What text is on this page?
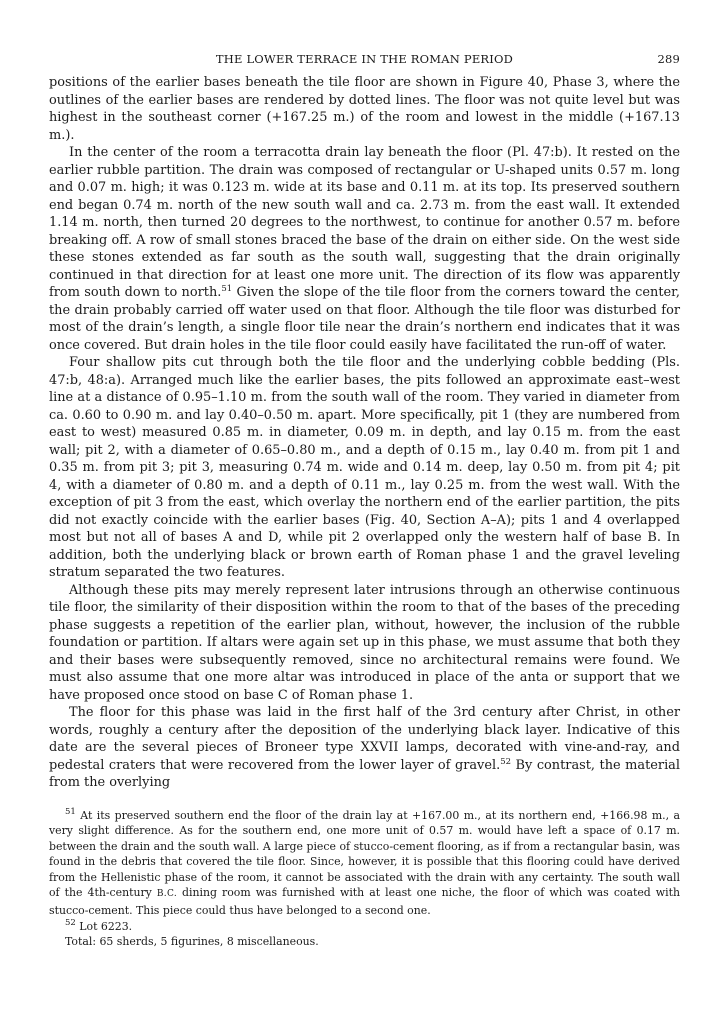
THE LOWER TERRACE IN THE ROMAN PERIOD	289

positions of the earlier bases beneath the tile floor are shown in Figure 40, Phase 3, where the outlines of the earlier bases are rendered by dotted lines. The floor was not quite level but was highest in the southeast corner (+167.25 m.) of the room and lowest in the middle (+167.13 m.).

In the center of the room a terracotta drain lay beneath the floor (Pl. 47:b). It rested on the earlier rubble partition. The drain was composed of rectangular or U-shaped units 0.57 m. long and 0.07 m. high; it was 0.123 m. wide at its base and 0.11 m. at its top. Its preserved southern end began 0.74 m. north of the new south wall and ca. 2.73 m. from the east wall. It extended 1.14 m. north, then turned 20 degrees to the northwest, to continue for another 0.57 m. before breaking off. A row of small stones braced the base of the drain on either side. On the west side these stones extended as far south as the south wall, suggesting that the drain originally continued in that direction for at least one more unit. The direction of its flow was apparently from south down to north.$^{51}$ Given the slope of the tile floor from the corners toward the center, the drain probably carried off water used on that floor. Although the tile floor was disturbed for most of the drain’s length, a single floor tile near the drain’s northern end indicates that it was once covered. But drain holes in the tile floor could easily have facilitated the run-off of water.

Four shallow pits cut through both the tile floor and the underlying cobble bedding (Pls. 47:b, 48:a). Arranged much like the earlier bases, the pits followed an approximate east–west line at a distance of 0.95–1.10 m. from the south wall of the room. They varied in diameter from ca. 0.60 to 0.90 m. and lay 0.40–0.50 m. apart. More specifically, pit 1 (they are numbered from east to west) measured 0.85 m. in diameter, 0.09 m. in depth, and lay 0.15 m. from the east wall; pit 2, with a diameter of 0.65–0.80 m., and a depth of 0.15 m., lay 0.40 m. from pit 1 and 0.35 m. from pit 3; pit 3, measuring 0.74 m. wide and 0.14 m. deep, lay 0.50 m. from pit 4; pit 4, with a diameter of 0.80 m. and a depth of 0.11 m., lay 0.25 m. from the west wall. With the exception of pit 3 from the east, which overlay the northern end of the earlier partition, the pits did not exactly coincide with the earlier bases (Fig. 40, Section A–A); pits 1 and 4 overlapped most but not all of bases A and D, while pit 2 overlapped only the western half of base B. In addition, both the underlying black or brown earth of Roman phase 1 and the gravel leveling stratum separated the two features.

Although these pits may merely represent later intrusions through an otherwise continuous tile floor, the similarity of their disposition within the room to that of the bases of the preceding phase suggests a repetition of the earlier plan, without, however, the inclusion of the rubble foundation or partition. If altars were again set up in this phase, we must assume that both they and their bases were subsequently removed, since no architectural remains were found. We must also assume that one more altar was introduced in place of the anta or support that we have proposed once stood on base C of Roman phase 1.

The floor for this phase was laid in the first half of the 3rd century after Christ, in other words, roughly a century after the deposition of the underlying black layer. Indicative of this date are the several pieces of Broneer type XXVII lamps, decorated with vine-and-ray, and pedestal craters that were recovered from the lower layer of gravel.$^{52}$ By contrast, the material from the overlying

$^{51}$ At its preserved southern end the floor of the drain lay at +167.00 m., at its northern end, +166.98 m., a very slight difference. As for the southern end, one more unit of 0.57 m. would have left a space of 0.17 m. between the drain and the south wall. A large piece of stucco-cement flooring, as if from a rectangular basin, was found in the debris that covered the tile floor. Since, however, it is possible that this flooring could have derived from the Hellenistic phase of the room, it cannot be associated with the drain with any certainty. The south wall of the 4th-century B.C. dining room was furnished with at least one niche, the floor of which was coated with stucco-cement. This piece could thus have belonged to a second one.

$^{52}$ Lot 6223.

Total: 65 sherds, 5 figurines, 8 miscellaneous.
